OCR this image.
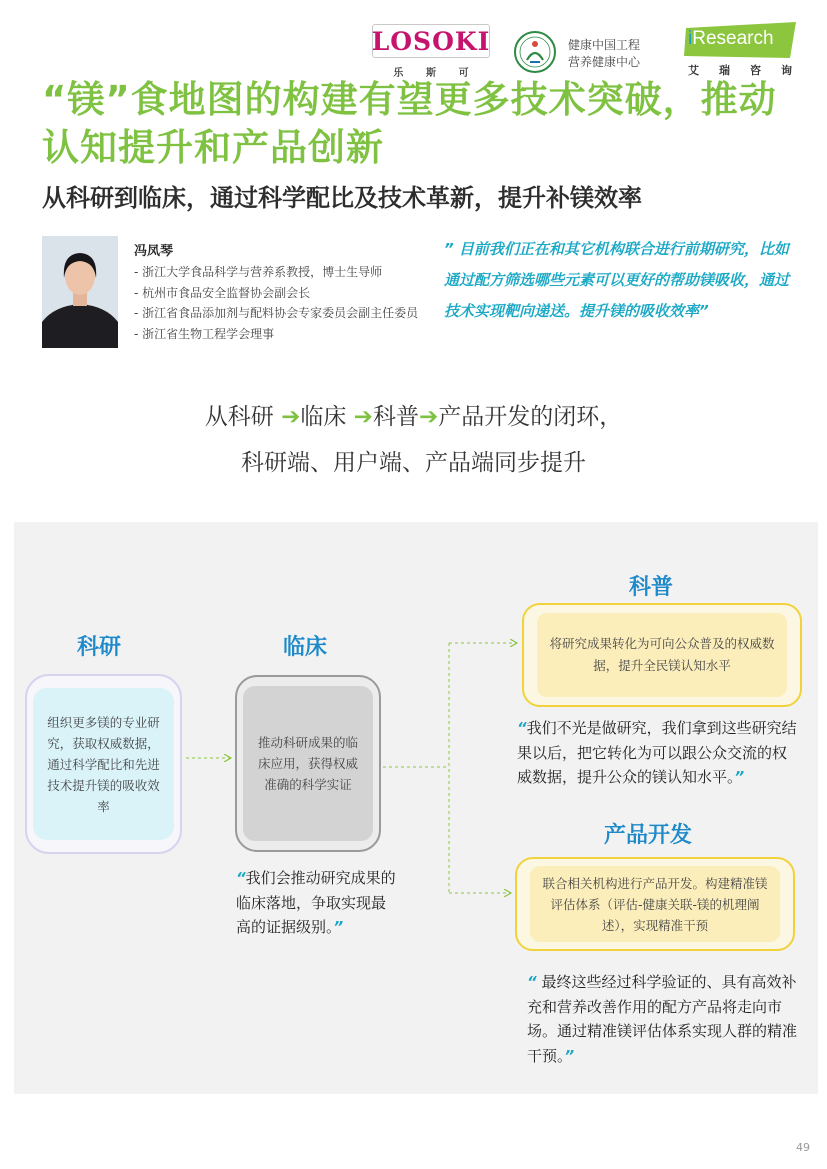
LOSOKI
乐 斯 可
健康中国工程
营养健康中心
iResearch
艾 瑞 咨 询
“镁”食地图的构建有望更多技术突破，推动认知提升和产品创新
从科研到临床，通过科学配比及技术革新，提升补镁效率
冯凤琴
- 浙江大学食品科学与营养系教授，博士生导师
- 杭州市食品安全监督协会副会长
- 浙江省食品添加剂与配料协会专家委员会副主任委员
- 浙江省生物工程学会理事

” 目前我们正在和其它机构联合进行前期研究，比如通过配方筛选哪些元素可以更好的帮助镁吸收，通过技术实现靶向递送。提升镁的吸收效率”

从科研 ➔临床 ➔科普➔产品开发的闭环，
科研端、用户端、产品端同步提升
科研
组织更多镁的专业研究，获取权威数据，通过科学配比和先进技术提升镁的吸收效率
临床
推动科研成果的临床应用，获得权威准确的科学实证

“我们会推动研究成果的临床落地，争取实现最高的证据级别。”

科普
将研究成果转化为可向公众普及的权威数据，提升全民镁认知水平

“我们不光是做研究，我们拿到这些研究结果以后，把它转化为可以跟公众交流的权威数据，提升公众的镁认知水平。”

产品开发
联合相关机构进行产品开发。构建精准镁评估体系（评估-健康关联-镁的机理阐述），实现精准干预

“ 最终这些经过科学验证的、具有高效补充和营养改善作用的配方产品将走向市场。通过精准镁评估体系实现人群的精准干预。”

49
